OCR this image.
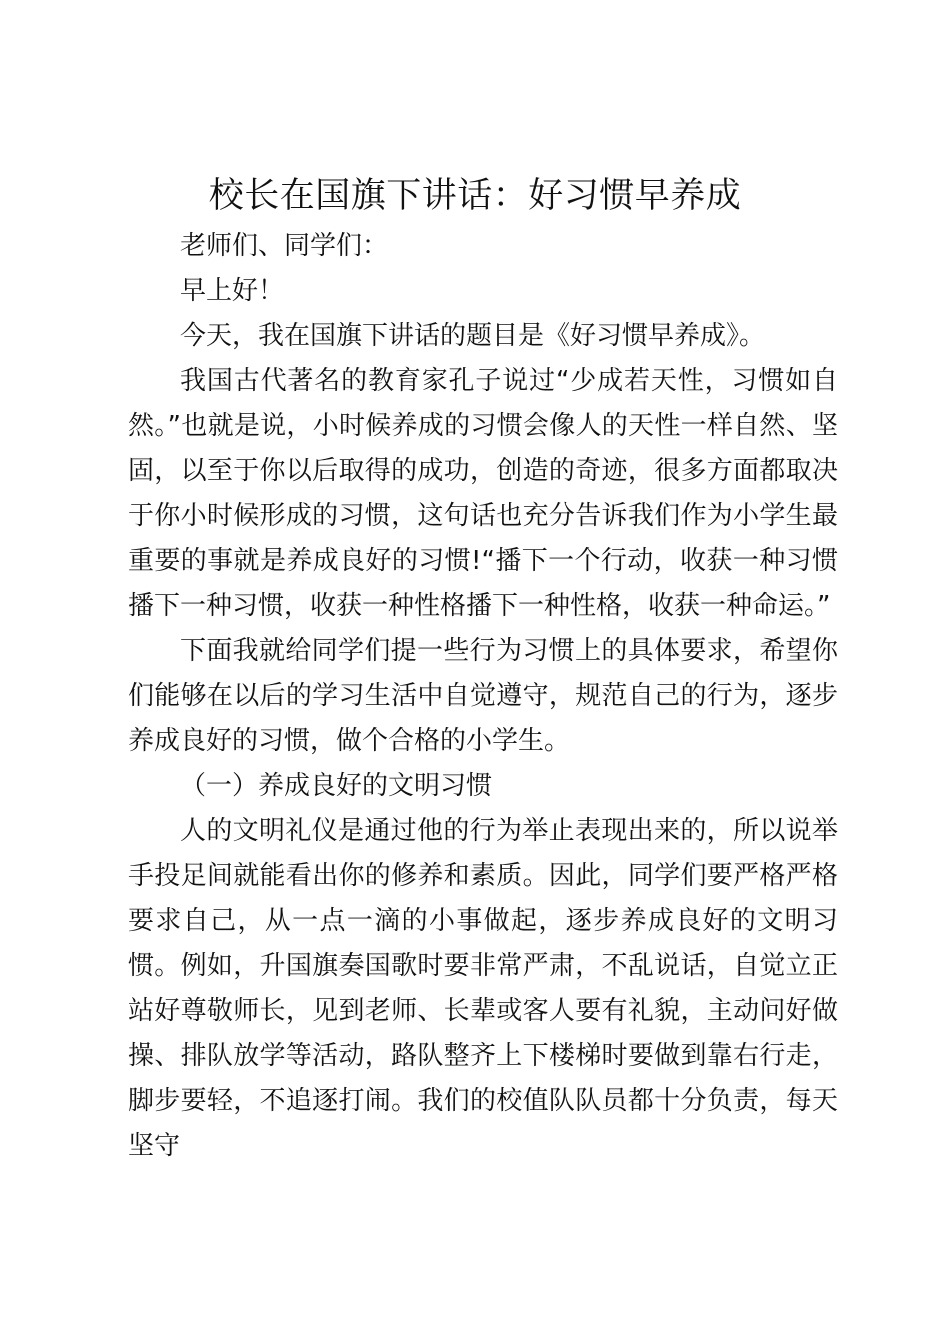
校长在国旗下讲话：好习惯早养成

老师们、同学们：

早上好！

今天，我在国旗下讲话的题目是《好习惯早养成》。

我国古代著名的教育家孔子说过“少成若天性，习惯如自然。”也就是说，小时候养成的习惯会像人的天性一样自然、坚固，以至于你以后取得的成功，创造的奇迹，很多方面都取决于你小时候形成的习惯，这句话也充分告诉我们作为小学生最重要的事就是养成良好的习惯!“播下一个行动，收获一种习惯播下一种习惯，收获一种性格播下一种性格，收获一种命运。”

下面我就给同学们提一些行为习惯上的具体要求，希望你们能够在以后的学习生活中自觉遵守，规范自己的行为，逐步养成良好的习惯，做个合格的小学生。

（一）养成良好的文明习惯

人的文明礼仪是通过他的行为举止表现出来的，所以说举手投足间就能看出你的修养和素质。因此，同学们要严格严格要求自己，从一点一滴的小事做起，逐步养成良好的文明习惯。例如，升国旗奏国歌时要非常严肃，不乱说话，自觉立正站好尊敬师长，见到老师、长辈或客人要有礼貌，主动问好做操、排队放学等活动，路队整齐上下楼梯时要做到靠右行走，脚步要轻，不追逐打闹。我们的校值队队员都十分负责，每天坚守
